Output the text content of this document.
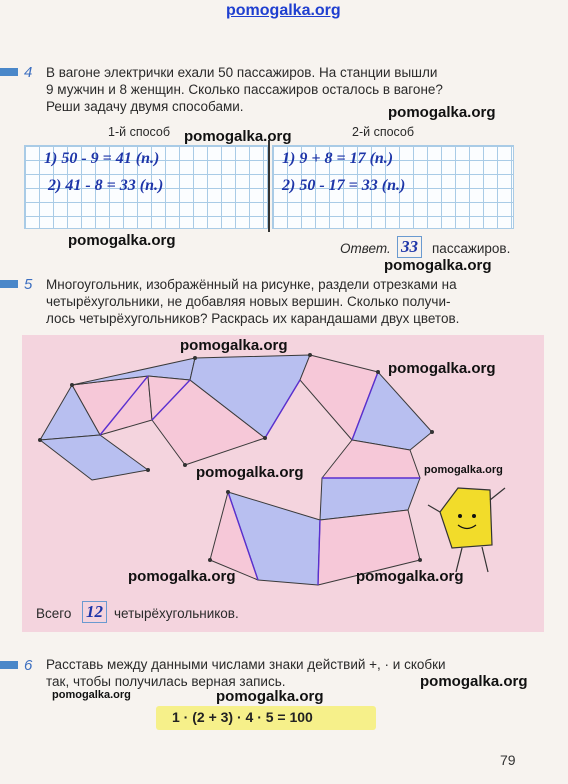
pomogalka.org
4 В вагоне электрички ехали 50 пассажиров. На станции вышли
9 мужчин и 8 женщин. Сколько пассажиров осталось в вагоне?
Реши задачу двумя способами.
1-й способ	2-й способ
1) 50 - 9 = 41 (п.)
2) 41 - 8 = 33 (п.)
1) 9 + 8 = 17 (п.)
2) 50 - 17 = 33 (п.)
Ответ. 33 пассажиров.
5 Многоугольник, изображённый на рисунке, раздели отрезками на
четырёхугольники, не добавляя новых вершин. Сколько получи-
лось четырёхугольников? Раскрась их карандашами двух цветов.
Всего 12 четырёхугольников.
6 Расставь между данными числами знаки действий +, · и скобки
так, чтобы получилась верная запись.
1 · (2 + 3) · 4 · 5 = 100
79
pomogalka.org
pomogalka.org
pomogalka.org
pomogalka.org
pomogalka.org
pomogalka.org
pomogalka.org	pomogalka.org
pomogalka.org	pomogalka.org
pomogalka.org
pomogalka.org	pomogalka.org
